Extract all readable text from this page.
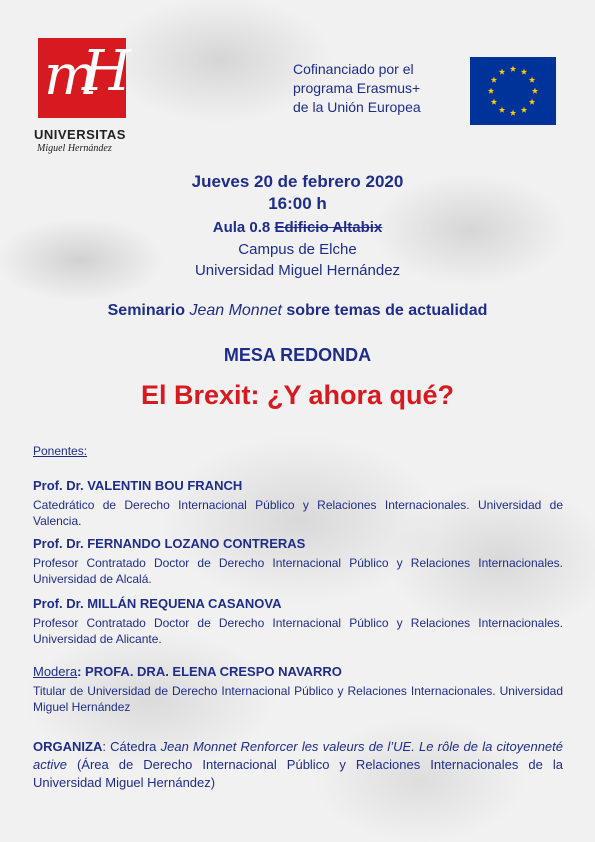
m
H
UNIVERSITAS
Miguel Hernández
Cofinanciado por el
programa Erasmus+
de la Unión Europea
Jueves 20 de febrero 2020
16:00 h
Aula 0.8 Edificio Altabix
Campus de Elche
Universidad Miguel Hernández
Seminario Jean Monnet sobre temas de actualidad
MESA REDONDA
El Brexit: ¿Y ahora qué?
Ponentes:
Prof. Dr. VALENTIN BOU FRANCH
Catedrático de Derecho Internacional Público y Relaciones Internacionales. Universidad de Valencia.
Prof. Dr. FERNANDO LOZANO CONTRERAS
Profesor Contratado Doctor de Derecho Internacional Público y Relaciones Internacionales. Universidad de Alcalá.
Prof. Dr. MILLÁN REQUENA CASANOVA
Profesor Contratado Doctor de Derecho Internacional Público y Relaciones Internacionales. Universidad de Alicante.
Modera: PROFA. DRA. ELENA CRESPO NAVARRO
Titular de Universidad de Derecho Internacional Público y Relaciones Internacionales. Universidad Miguel Hernández
ORGANIZA: Cátedra Jean Monnet Renforcer les valeurs de l’UE. Le rôle de la citoyenneté active (Área de Derecho Internacional Público y Relaciones Internacionales de la Universidad Miguel Hernández)
